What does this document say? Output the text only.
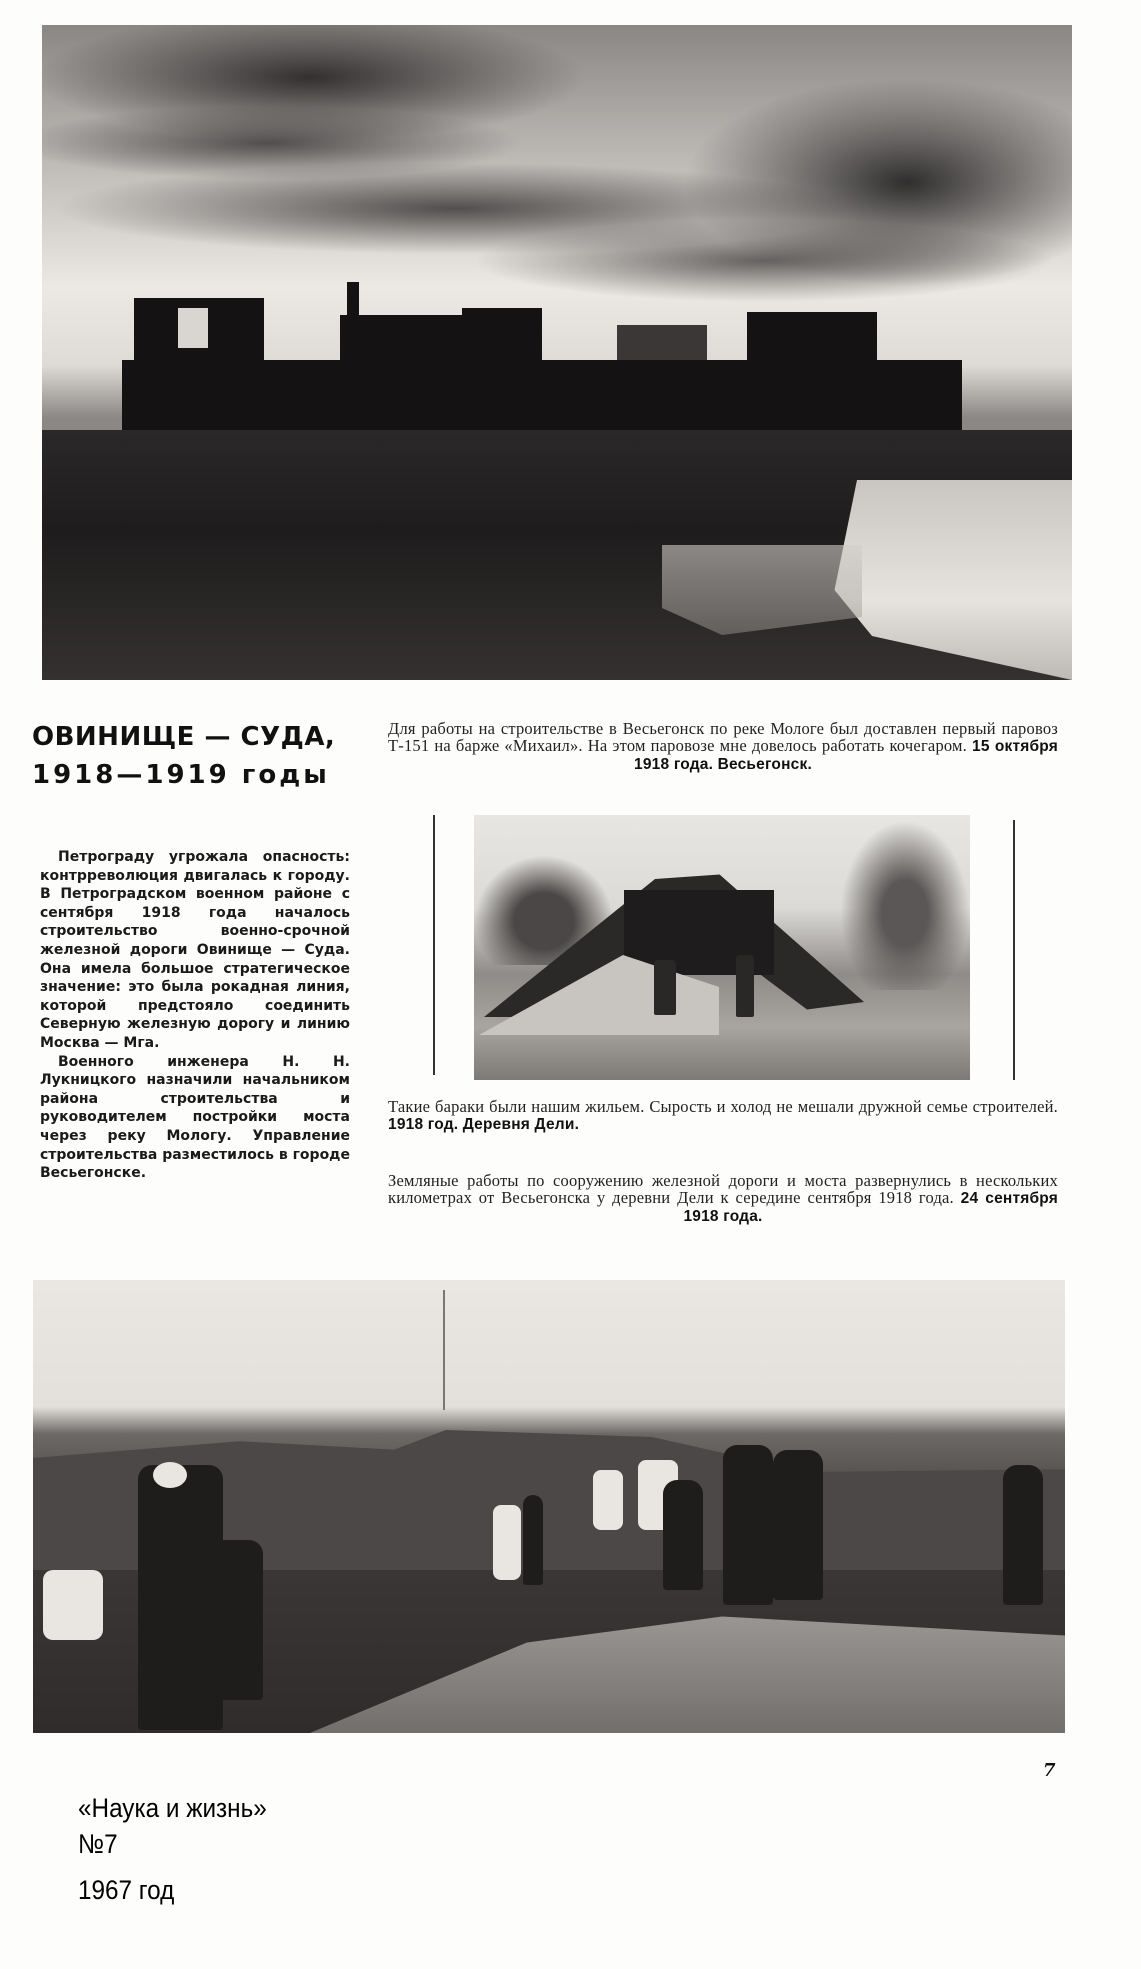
ОВИНИЩЕ — СУДА,
1918—1919 годы
Для работы на строительстве в Весьегонск по реке Мологе был доставлен первый паровоз Т-151 на барже «Михаил». На этом паровозе мне довелось работать кочегаром. 15 октября 1918 года. Весьегонск.

Петрограду угрожала опасность: контрреволюция двигалась к городу. В Петроградском военном районе с сентября 1918 года началось строительство военно-срочной железной дороги Овинище — Суда. Она имела большое стратегическое значение: это была рокадная линия, которой предстояло соединить Северную железную дорогу и линию Москва — Мга.

Военного инженера Н. Н. Лукницкого назначили начальником района строительства и руководителем постройки моста через реку Мологу. Управление строительства разместилось в городе Весьегонске.

Такие бараки были нашим жильем. Сырость и холод не мешали дружной семье строителей. 1918 год. Деревня Дели.
Земляные работы по сооружению железной дороги и моста развернулись в нескольких километрах от Весьегонска у деревни Дели к середине сентября 1918 года. 24 сентября 1918 года.
7
«Наука и жизнь»
№7
1967 год
